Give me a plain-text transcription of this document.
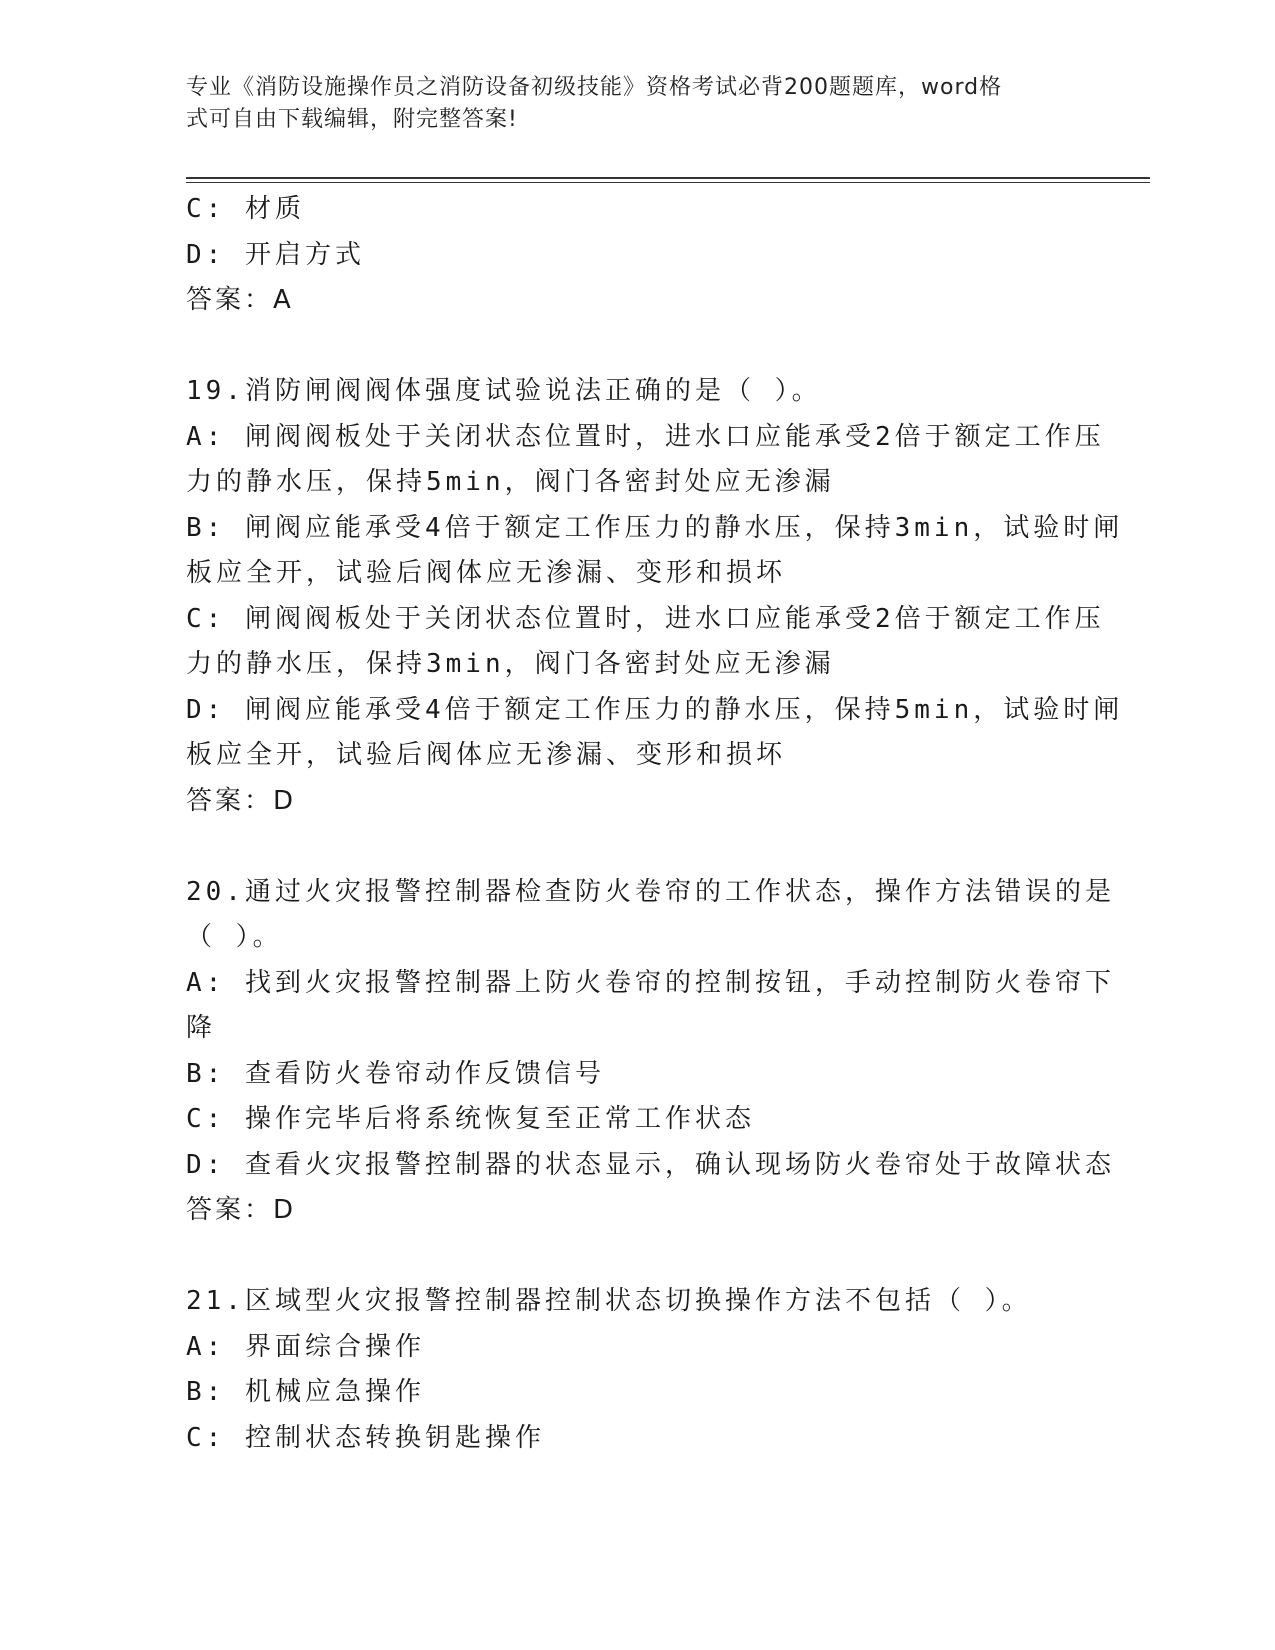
专业《消防设施操作员之消防设备初级技能》资格考试必背200题题库，word格
式可自由下载编辑，附完整答案!
C: 材质
D: 开启方式
答案：A
19.消防闸阀阀体强度试验说法正确的是（ ）。
A: 闸阀阀板处于关闭状态位置时，进水口应能承受2倍于额定工作压
力的静水压，保持5min，阀门各密封处应无渗漏
B: 闸阀应能承受4倍于额定工作压力的静水压，保持3min，试验时闸
板应全开，试验后阀体应无渗漏、变形和损坏
C: 闸阀阀板处于关闭状态位置时，进水口应能承受2倍于额定工作压
力的静水压，保持3min，阀门各密封处应无渗漏
D: 闸阀应能承受4倍于额定工作压力的静水压，保持5min，试验时闸
板应全开，试验后阀体应无渗漏、变形和损坏
答案：D
20.通过火灾报警控制器检查防火卷帘的工作状态，操作方法错误的是
（ ）。
A: 找到火灾报警控制器上防火卷帘的控制按钮，手动控制防火卷帘下
降
B: 查看防火卷帘动作反馈信号
C: 操作完毕后将系统恢复至正常工作状态
D: 查看火灾报警控制器的状态显示，确认现场防火卷帘处于故障状态
答案：D
21.区域型火灾报警控制器控制状态切换操作方法不包括（ ）。
A: 界面综合操作
B: 机械应急操作
C: 控制状态转换钥匙操作
